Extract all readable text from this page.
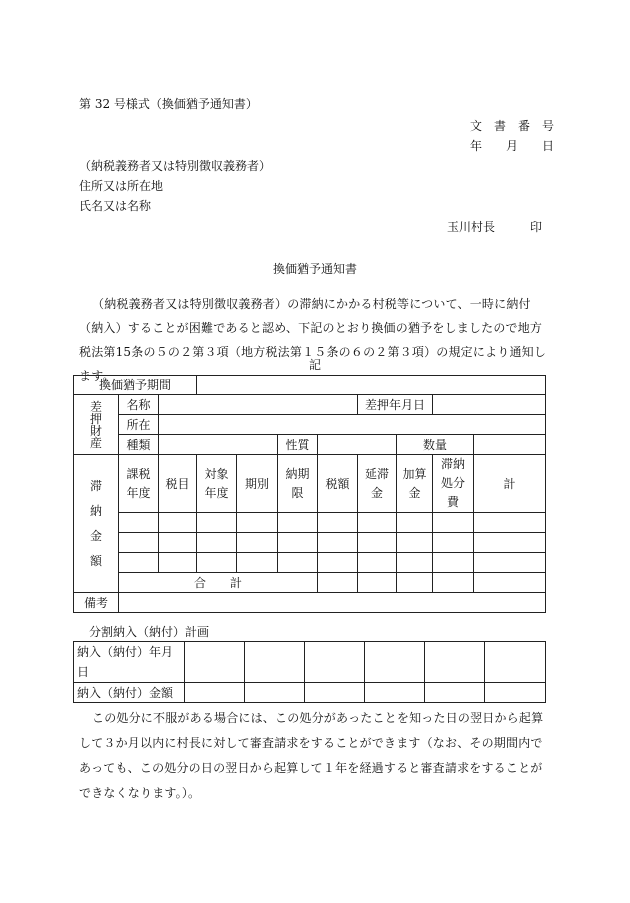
第 32 号様式（換価猶予通知書）
文　書　番　号
年　　月　　日
（納税義務者又は特別徴収義務者）
住所又は所在地
氏名又は名称
玉川村長	印
換価猶予通知書
（納税義務者又は特別徴収義務者）の滞納にかかる村税等について、一時に納付（納入）することが困難であると認め、下記のとおり換価の猶予をしましたので地方税法第15条の５の２第３項（地方税法第１５条の６の２第３項）の規定により通知します。
記
換価猶予期間										

差押財産	名称						差押年月日			
	所在									
	種類				性質			数量		

滞納金額	課税年度	税目	対象年度	期別	納期限	税額	延滞金	加算金	滞納処分費	計

	合　　計									
備考										
分割納入（納付）計画
納入（納付）年月日						
納入（納付）金額						
この処分に不服がある場合には、この処分があったことを知った日の翌日から起算して３か月以内に村長に対して審査請求をすることができます（なお、その期間内であっても、この処分の日の翌日から起算して１年を経過すると審査請求をすることができなくなります。）。
